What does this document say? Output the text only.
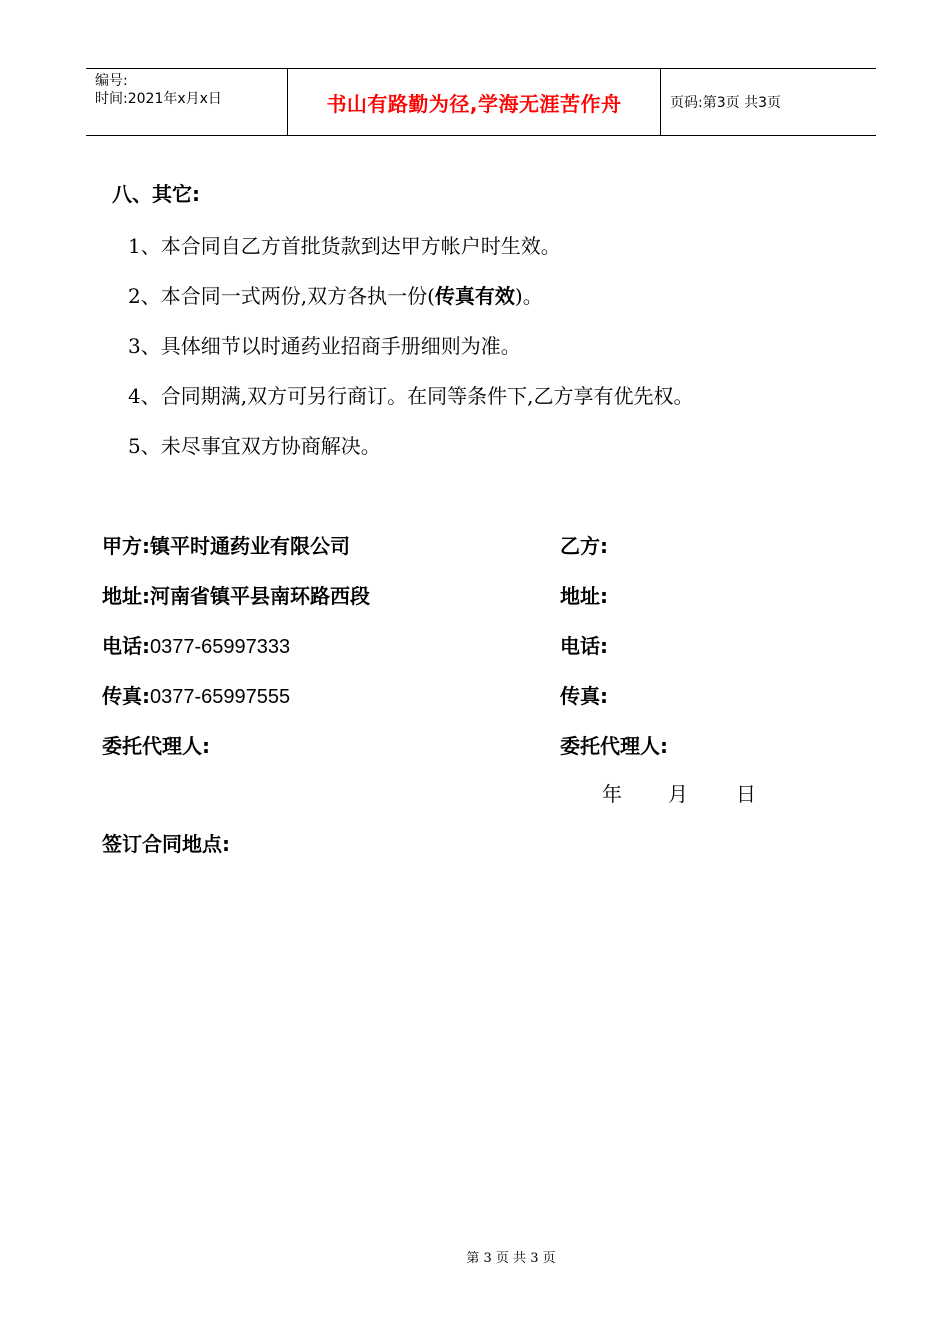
编号:
时间:2021年x月x日	书山有路勤为径,学海无涯苦作舟	页码:第3页 共3页
八、其它:
1、本合同自乙方首批货款到达甲方帐户时生效。
2、本合同一式两份,双方各执一份(传真有效)。
3、具体细节以时通药业招商手册细则为准。
4、合同期满,双方可另行商订。在同等条件下,乙方享有优先权。
5、未尽事宜双方协商解决。
甲方:镇平时通药业有限公司
地址:河南省镇平县南环路西段
电话:0377-65997333
传真:0377-65997555
委托代理人:
乙方:
地址:
电话:
传真:
委托代理人:
年 月 日
签订合同地点:
第 3 页 共 3 页
